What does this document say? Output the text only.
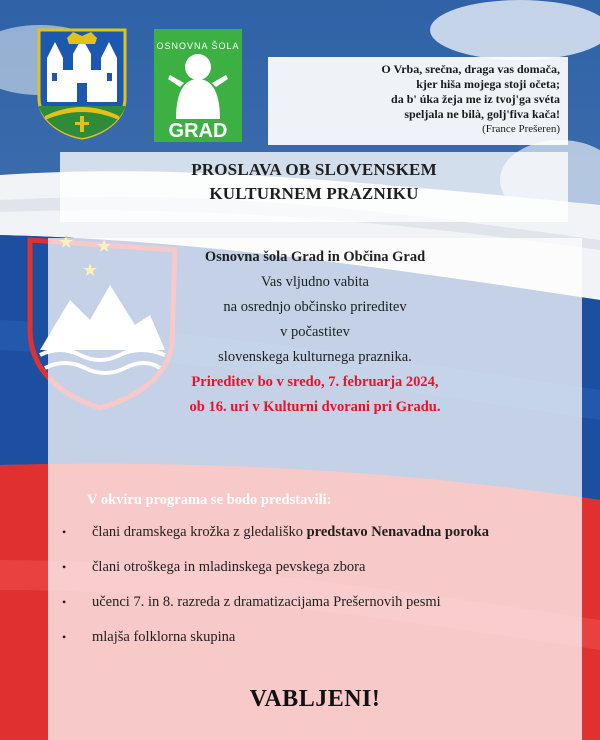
OSNOVNA ŠOLA
GRAD
O Vrba, srečna, draga vas domača,
kjer hiša mojega stoji očeta;
da b' úka žeja me iz tvoj'ga svéta
speljala ne bilà, golj'fiva kača!
(France Prešeren)
PROSLAVA OB SLOVENSKEM
KULTURNEM PRAZNIKU
Osnovna šola Grad in Občina Grad
Vas vljudno vabita
na osrednjo občinsko prireditev
v počastitev
slovenskega kulturnega praznika.
Prireditev bo v sredo, 7. februarja 2024,
ob 16. uri v Kulturni dvorani pri Gradu.
V okviru programa se bodo predstavili:
• člani dramskega krožka z gledališko predstavo Nenavadna poroka
• člani otroškega in mladinskega pevskega zbora
• učenci 7. in 8. razreda z dramatizacijama Prešernovih pesmi
• mlajša folklorna skupina
VABLJENI!
